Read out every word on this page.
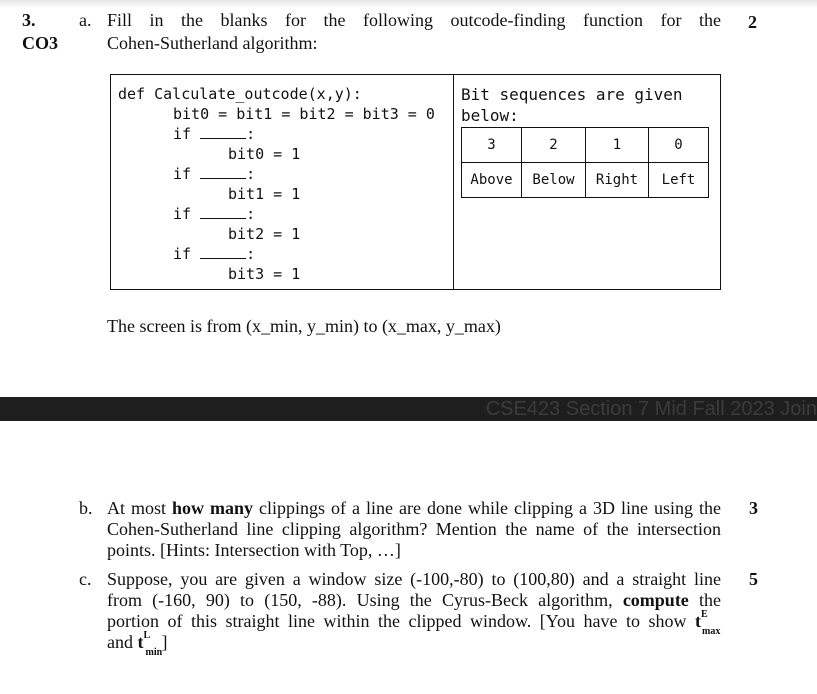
3.
CO3
a. Fill in the blanks for the following outcode-finding function for the
Cohen-Sutherland algorithm:
2
def Calculate_outcode(x,y):
bit0 = bit1 = bit2 = bit3 = 0
if	:
bit0 = 1
if	:
bit1 = 1
if	:
bit2 = 1
if	:
bit3 = 1
Bit sequences are given
below:
3	2	1	0
Above	Below	Right	Left
The screen is from (x_min, y_min) to (x_max, y_max)
CSE423 Section 7 Mid Fall 2023 Join
b. At most how many clippings of a line are done while clipping a 3D line using the
Cohen-Sutherland line clipping algorithm? Mention the name of the intersection
points. [Hints: Intersection with Top, …]
3
c. Suppose, you are given a window size (-100,-80) to (100,80) and a straight line
from (-160, 90) to (150, -88). Using the Cyrus-Beck algorithm, compute the
portion of this straight line within the clipped window. [You have to show t E
max
and t L
min
]
5
